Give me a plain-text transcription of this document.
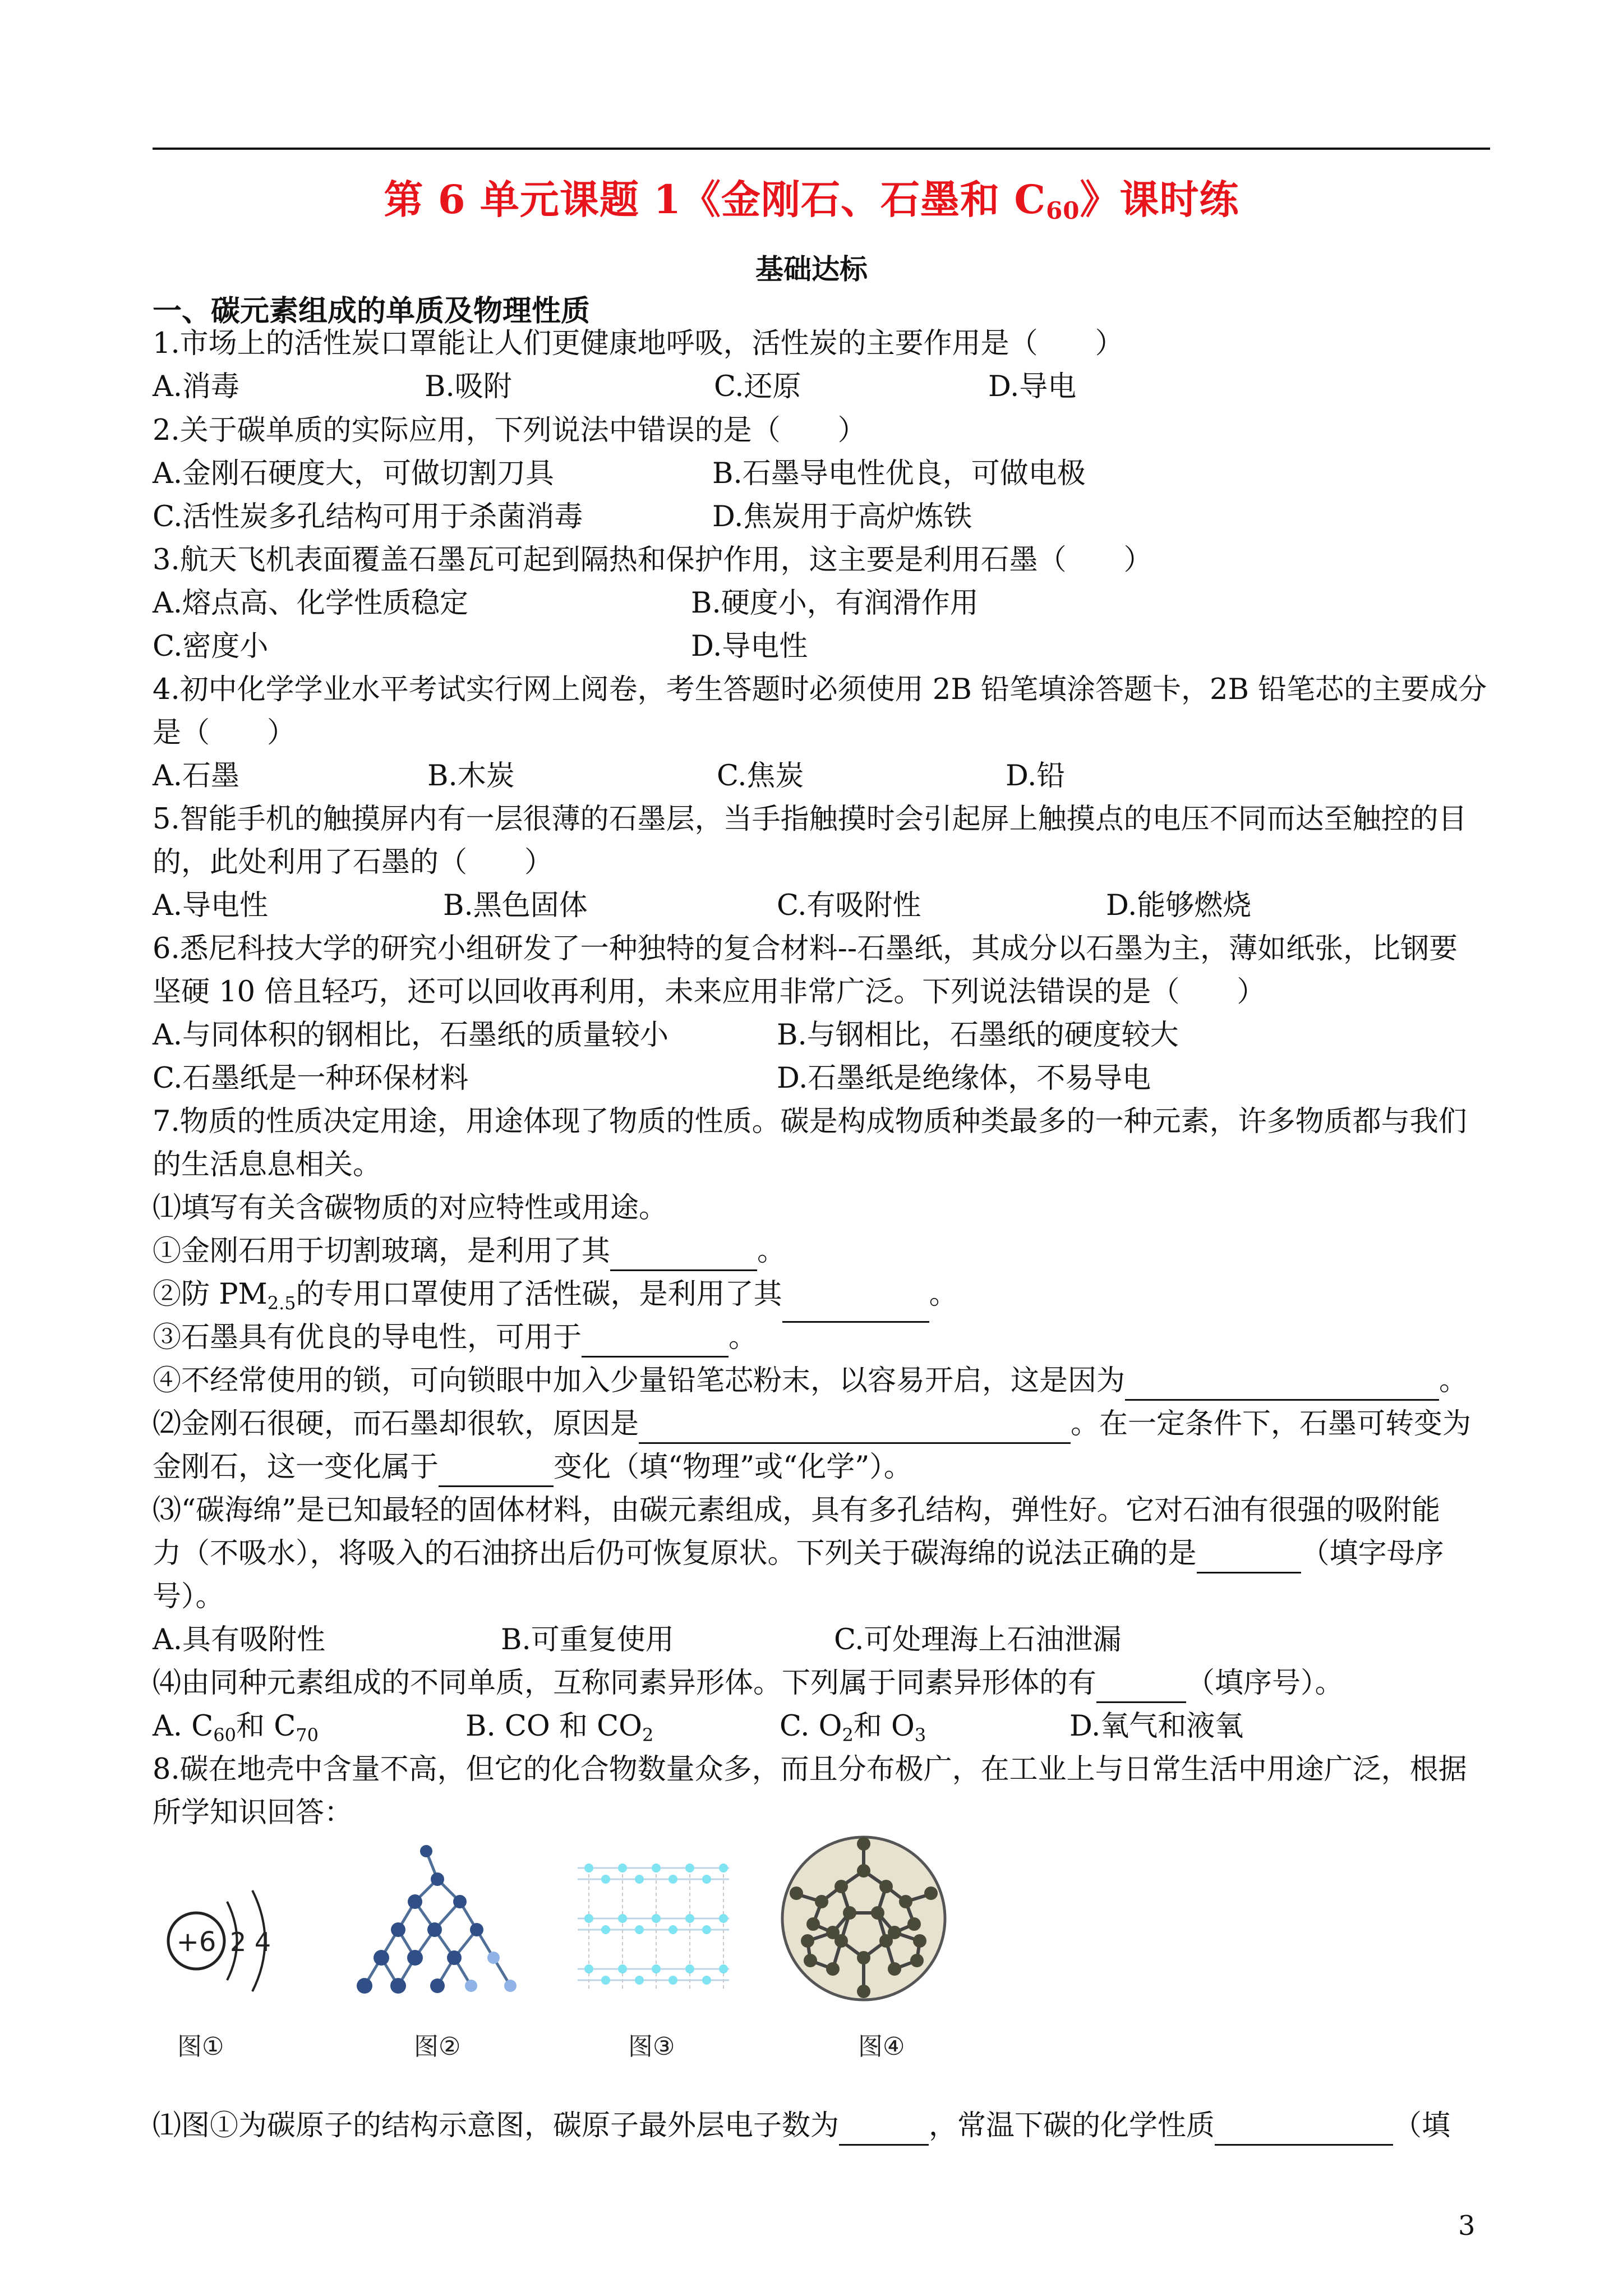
第 6 单元课题 1《金刚石、石墨和 $C_{60}$》课时练
基础达标
一、碳元素组成的单质及物理性质
1.市场上的活性炭口罩能让人们更健康地呼吸，活性炭的主要作用是（　　）
A.消毒	B.吸附	C.还原	D.导电
2.关于碳单质的实际应用，下列说法中错误的是（　　）
A.金刚石硬度大，可做切割刀具	B.石墨导电性优良，可做电极
C.活性炭多孔结构可用于杀菌消毒	D.焦炭用于高炉炼铁
3.航天飞机表面覆盖石墨瓦可起到隔热和保护作用，这主要是利用石墨（　　）
A.熔点高、化学性质稳定	B.硬度小，有润滑作用
C.密度小	D.导电性
4.初中化学学业水平考试实行网上阅卷，考生答题时必须使用 2B 铅笔填涂答题卡，2B 铅笔芯的主要成分
是（　　）
A.石墨	B.木炭	C.焦炭	D.铅
5.智能手机的触摸屏内有一层很薄的石墨层，当手指触摸时会引起屏上触摸点的电压不同而达至触控的目
的，此处利用了石墨的（　　）
A.导电性	B.黑色固体	C.有吸附性	D.能够燃烧
6.悉尼科技大学的研究小组研发了一种独特的复合材料--石墨纸，其成分以石墨为主，薄如纸张，比钢要
坚硬 10 倍且轻巧，还可以回收再利用，未来应用非常广泛。下列说法错误的是（　　）
A.与同体积的钢相比，石墨纸的质量较小	B.与钢相比，石墨纸的硬度较大
C.石墨纸是一种环保材料	D.石墨纸是绝缘体，不易导电
7.物质的性质决定用途，用途体现了物质的性质。碳是构成物质种类最多的一种元素，许多物质都与我们
的生活息息相关。
⑴填写有关含碳物质的对应特性或用途。
①金刚石用于切割玻璃，是利用了其	。
②防 $PM_{2.5}$的专用口罩使用了活性碳，是利用了其	。
③石墨具有优良的导电性，可用于	。
④不经常使用的锁，可向锁眼中加入少量铅笔芯粉末，以容易开启，这是因为	。
⑵金刚石很硬，而石墨却很软，原因是	。在一定条件下，石墨可转变为
金刚石，这一变化属于	变化（填“物理”或“化学”）。
⑶“碳海绵”是已知最轻的固体材料，由碳元素组成，具有多孔结构，弹性好。它对石油有很强的吸附能
力（不吸水），将吸入的石油挤出后仍可恢复原状。下列关于碳海绵的说法正确的是	（填字母序
号）。
A.具有吸附性	B.可重复使用	C.可处理海上石油泄漏
⑷由同种元素组成的不同单质，互称同素异形体。下列属于同素异形体的有	（填序号）。
A. $C_{60}$和 $C_{70}$	B. CO 和 $CO_2$	C. $O_2$和 $O_3$	D.氧气和液氧
8.碳在地壳中含量不高，但它的化合物数量众多，而且分布极广，在工业上与日常生活中用途广泛，根据
所学知识回答：
+6 2 4
图①	图②	图③	图④
⑴图①为碳原子的结构示意图，碳原子最外层电子数为	，常温下碳的化学性质	（填
3
